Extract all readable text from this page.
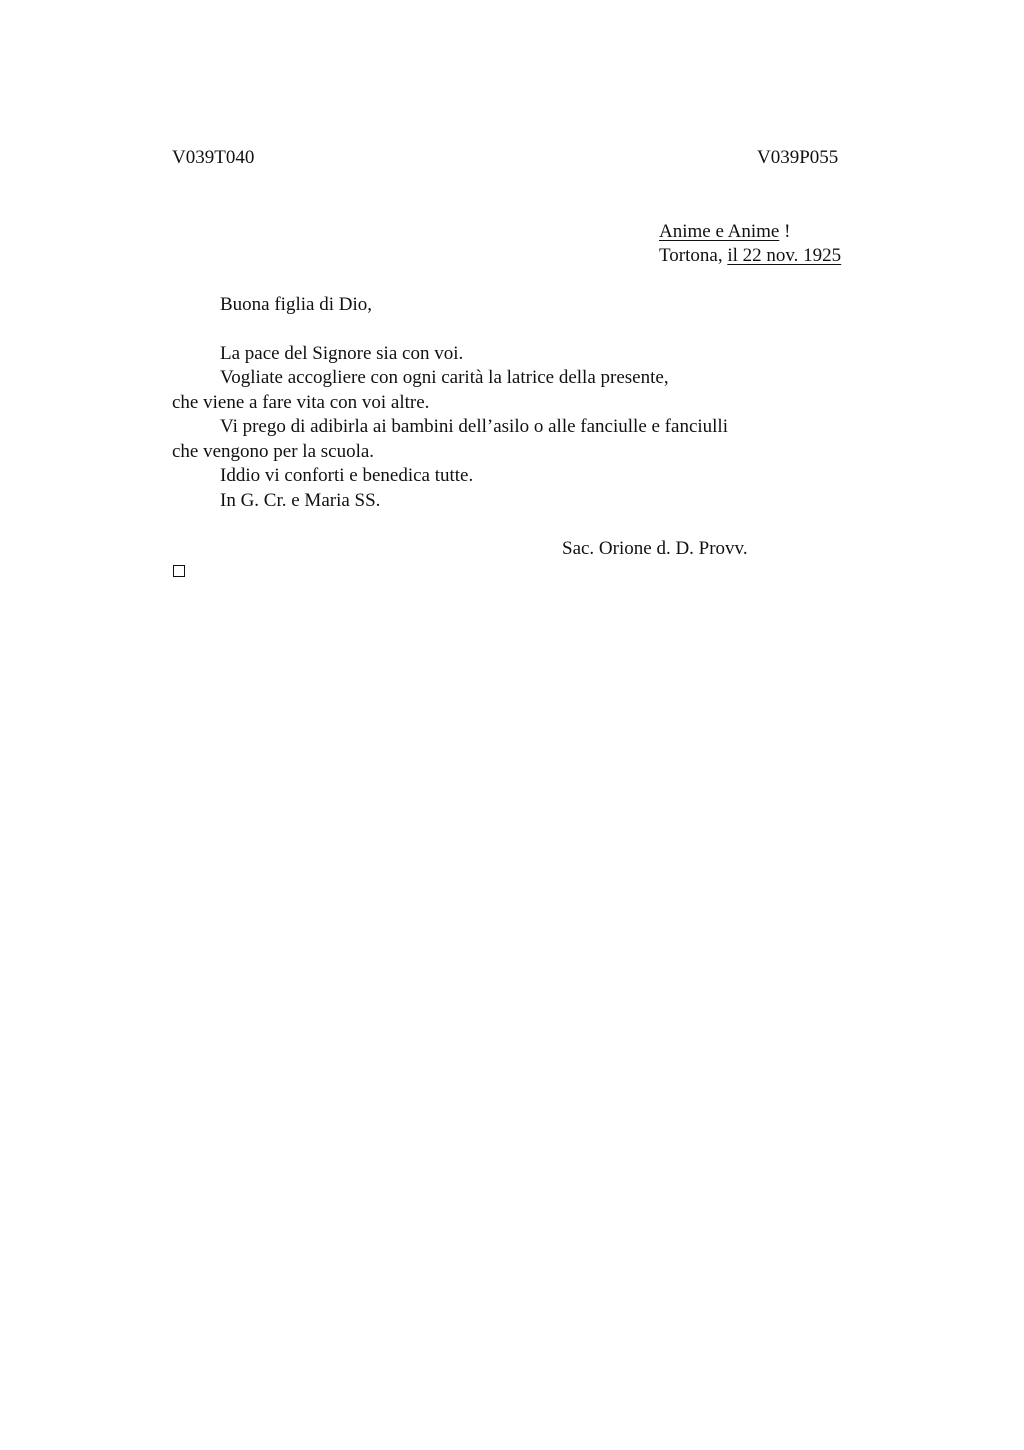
V039T040	V039P055
Anime e Anime !
Tortona, il 22 nov. 1925
Buona figlia di Dio,
La pace del Signore sia con voi.
Vogliate accogliere con ogni carità la latrice della presente,
che viene a fare vita con voi altre.
Vi prego di adibirla ai bambini dell’asilo o alle fanciulle e fanciulli
che vengono per la scuola.
Iddio vi conforti e benedica tutte.
In G. Cr. e Maria SS.
Sac. Orione d. D. Provv.
